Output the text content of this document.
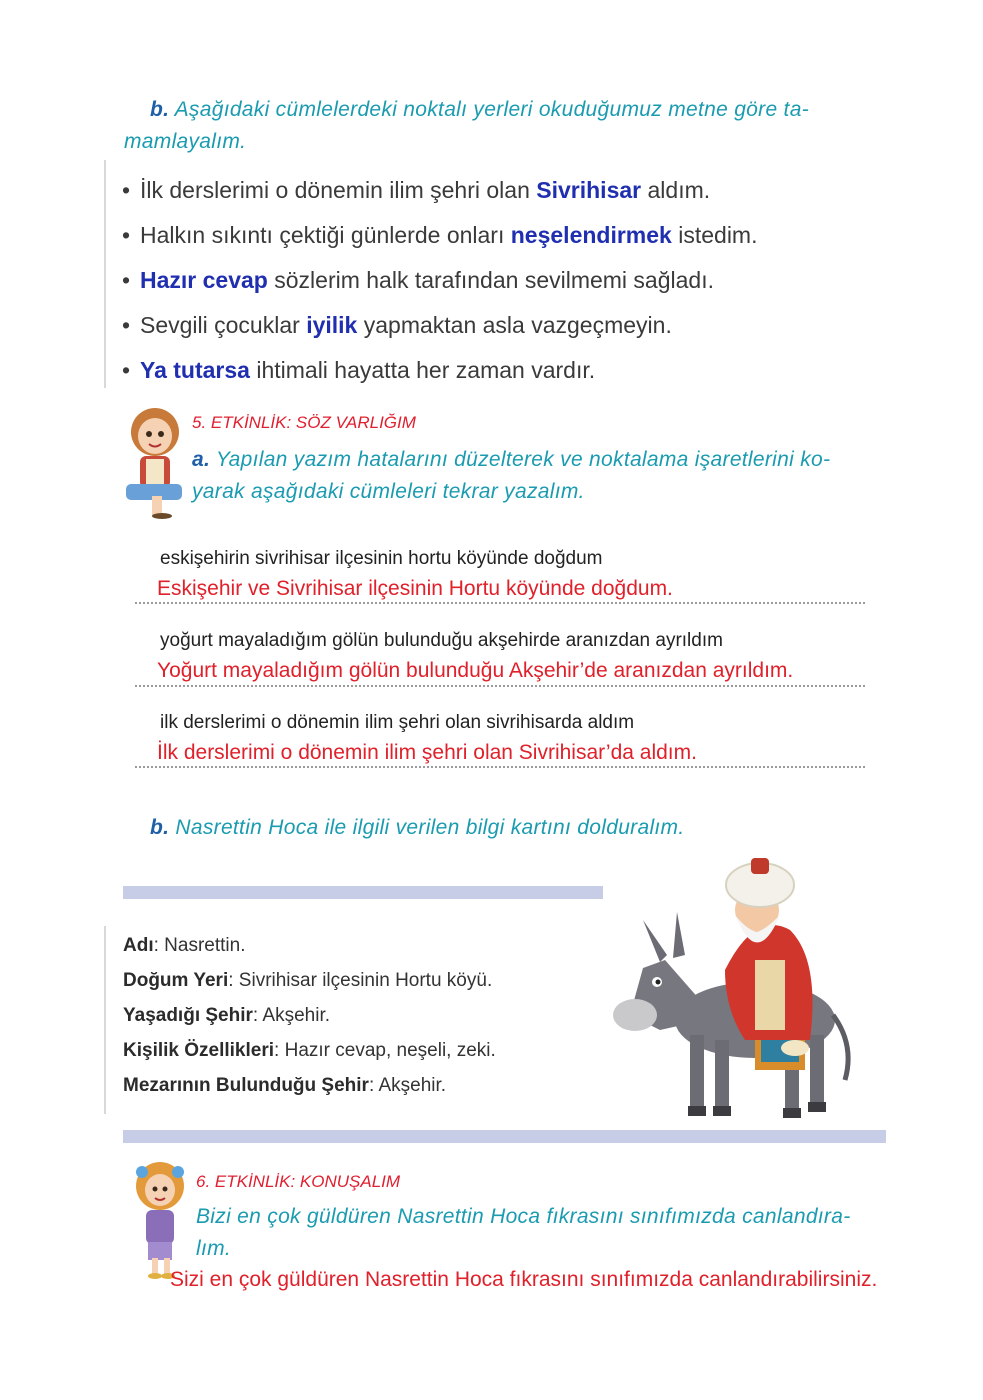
b. Aşağıdaki cümlelerdeki noktalı yerleri okuduğumuz metne göre ta-
mamlayalım.
• İlk derslerimi o dönemin ilim şehri olan Sivrihisar aldım.
• Halkın sıkıntı çektiği günlerde onları neşelendirmek istedim.
• Hazır cevap sözlerim halk tarafından sevilmemi sağladı.
• Sevgili çocuklar iyilik yapmaktan asla vazgeçmeyin.
• Ya tutarsa ihtimali hayatta her zaman vardır.
5. ETKİNLİK: SÖZ VARLIĞIM
a. Yapılan yazım hatalarını düzelterek ve noktalama işaretlerini ko-
yarak aşağıdaki cümleleri tekrar yazalım.
eskişehirin sivrihisar ilçesinin hortu köyünde doğdum
Eskişehir ve Sivrihisar ilçesinin Hortu köyünde doğdum.
yoğurt mayaladığım gölün bulunduğu akşehirde aranızdan ayrıldım
Yoğurt mayaladığım gölün bulunduğu Akşehir’de aranızdan ayrıldım.
ilk derslerimi o dönemin ilim şehri olan sivrihisarda aldım
İlk derslerimi o dönemin ilim şehri olan Sivrihisar’da aldım.
b. Nasrettin Hoca ile ilgili verilen bilgi kartını dolduralım.
Adı: Nasrettin.
Doğum Yeri: Sivrihisar ilçesinin Hortu köyü.
Yaşadığı Şehir: Akşehir.
Kişilik Özellikleri: Hazır cevap, neşeli, zeki.
Mezarının Bulunduğu Şehir: Akşehir.
6. ETKİNLİK: KONUŞALIM
Bizi en çok güldüren Nasrettin Hoca fıkrasını sınıfımızda canlandıra-
lım.
Sizi en çok güldüren Nasrettin Hoca fıkrasını sınıfımızda canlandırabilirsiniz.
